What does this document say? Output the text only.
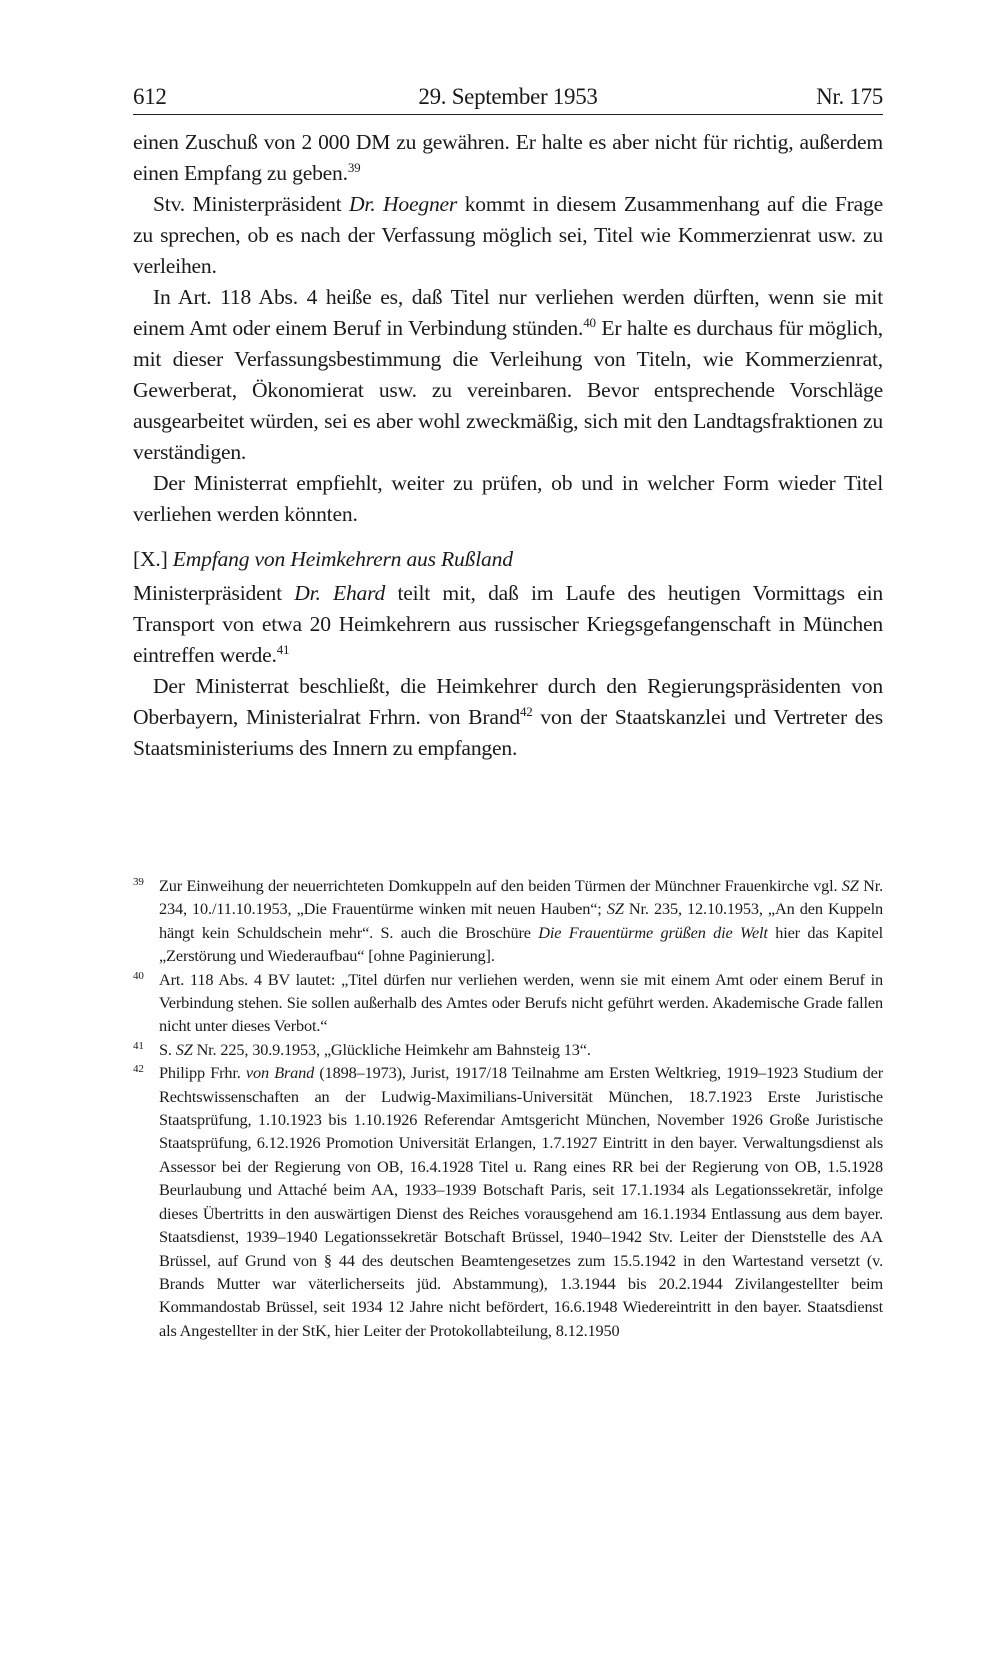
612	29. September 1953	Nr. 175

einen Zuschuß von 2 000 DM zu gewähren. Er halte es aber nicht für richtig, außerdem einen Empfang zu geben.$^{39}$

Stv. Ministerpräsident Dr. Hoegner kommt in diesem Zusammenhang auf die Frage zu sprechen, ob es nach der Verfassung möglich sei, Titel wie Kommerzienrat usw. zu verleihen.

In Art. 118 Abs. 4 heiße es, daß Titel nur verliehen werden dürften, wenn sie mit einem Amt oder einem Beruf in Verbindung stünden.$^{40}$ Er halte es durchaus für möglich, mit dieser Verfassungsbestimmung die Verleihung von Titeln, wie Kommerzienrat, Gewerberat, Ökonomierat usw. zu vereinbaren. Bevor entsprechende Vorschläge ausgearbeitet würden, sei es aber wohl zweckmäßig, sich mit den Landtagsfraktionen zu verständigen.

Der Ministerrat empfiehlt, weiter zu prüfen, ob und in welcher Form wieder Titel verliehen werden könnten.

[X.] Empfang von Heimkehrern aus Rußland

Ministerpräsident Dr. Ehard teilt mit, daß im Laufe des heutigen Vormittags ein Transport von etwa 20 Heimkehrern aus russischer Kriegsgefangenschaft in München eintreffen werde.$^{41}$

Der Ministerrat beschließt, die Heimkehrer durch den Regierungspräsidenten von Oberbayern, Ministerialrat Frhrn. von Brand$^{42}$ von der Staatskanzlei und Vertreter des Staatsministeriums des Innern zu empfangen.

39 Zur Einweihung der neuerrichteten Domkuppeln auf den beiden Türmen der Münchner Frauenkirche vgl. SZ Nr. 234, 10./11.10.1953, „Die Frauentürme winken mit neuen Hauben“; SZ Nr. 235, 12.10.1953, „An den Kuppeln hängt kein Schuldschein mehr“. S. auch die Broschüre Die Frauentürme grüßen die Welt hier das Kapitel „Zerstörung und Wiederaufbau“ [ohne Paginierung].

40 Art. 118 Abs. 4 BV lautet: „Titel dürfen nur verliehen werden, wenn sie mit einem Amt oder einem Beruf in Verbindung stehen. Sie sollen außerhalb des Amtes oder Berufs nicht geführt werden. Akademische Grade fallen nicht unter dieses Verbot.“

41 S. SZ Nr. 225, 30.9.1953, „Glückliche Heimkehr am Bahnsteig 13“.

42 Philipp Frhr. von Brand (1898–1973), Jurist, 1917/18 Teilnahme am Ersten Weltkrieg, 1919–1923 Studium der Rechtswissenschaften an der Ludwig-Maximilians-Universität München, 18.7.1923 Erste Juristische Staatsprüfung, 1.10.1923 bis 1.10.1926 Referendar Amtsgericht München, November 1926 Große Juristische Staatsprüfung, 6.12.1926 Promotion Universität Erlangen, 1.7.1927 Eintritt in den bayer. Verwaltungsdienst als Assessor bei der Regierung von OB, 16.4.1928 Titel u. Rang eines RR bei der Regierung von OB, 1.5.1928 Beurlaubung und Attaché beim AA, 1933–1939 Botschaft Paris, seit 17.1.1934 als Legationssekretär, infolge dieses Übertritts in den auswärtigen Dienst des Reiches vorausgehend am 16.1.1934 Entlassung aus dem bayer. Staatsdienst, 1939–1940 Legationssekretär Botschaft Brüssel, 1940–1942 Stv. Leiter der Dienststelle des AA Brüssel, auf Grund von § 44 des deutschen Beamtengesetzes zum 15.5.1942 in den Wartestand versetzt (v. Brands Mutter war väterlicherseits jüd. Abstammung), 1.3.1944 bis 20.2.1944 Zivilangestellter beim Kommandostab Brüssel, seit 1934 12 Jahre nicht befördert, 16.6.1948 Wiedereintritt in den bayer. Staatsdienst als Angestellter in der StK, hier Leiter der Protokollabteilung, 8.12.1950
